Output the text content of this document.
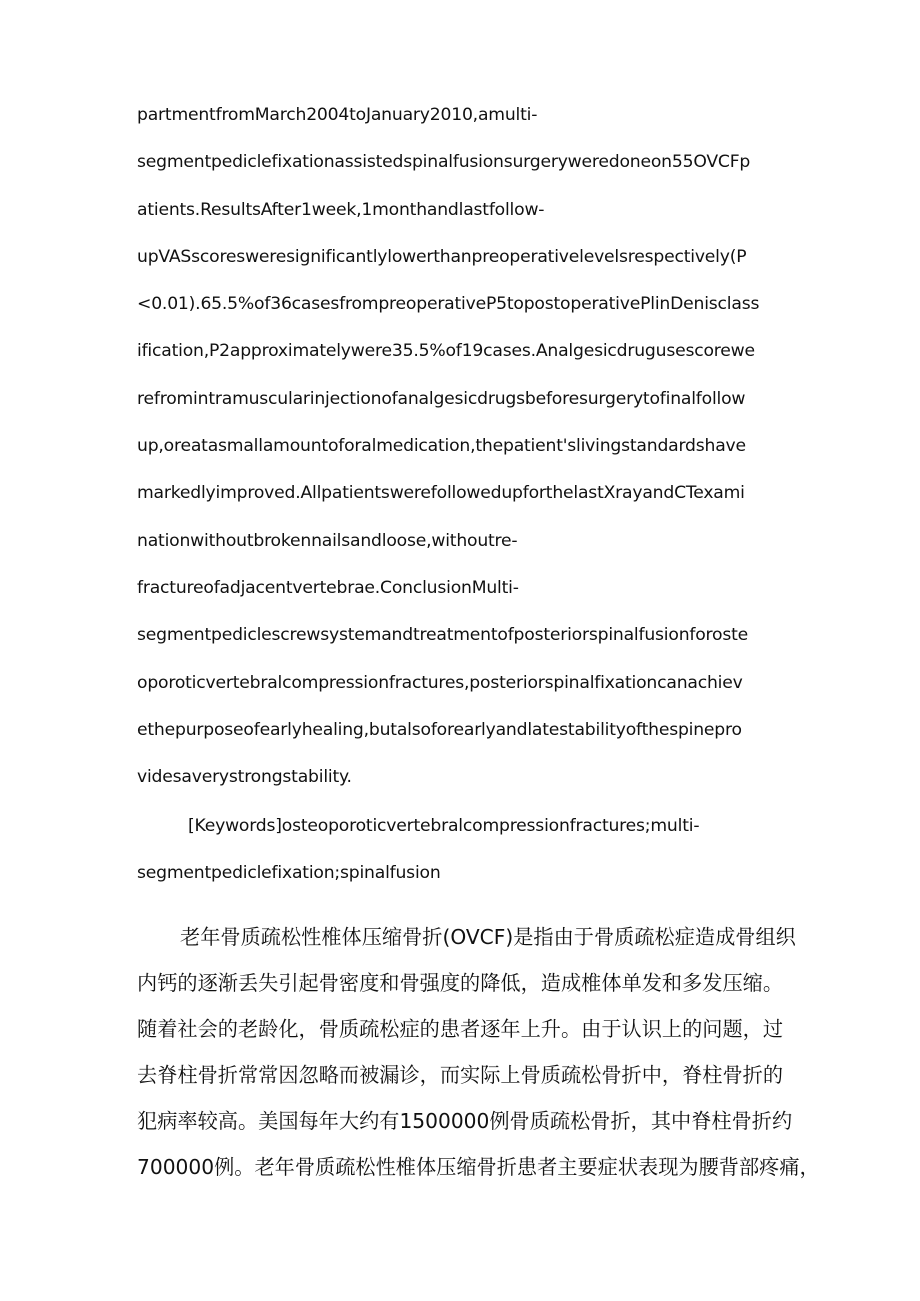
partmentfromMarch2004toJanuary2010,amulti-
segmentpediclefixationassistedspinalfusionsurgeryweredoneon55OVCFp
atients.ResultsAfter1week,1monthandlastfollow-
upVASscoresweresignificantlylowerthanpreoperativelevelsrespectively(P
<0.01).65.5%of36casesfrompreoperativeP5topostoperativePlinDenisclass
ification,P2approximatelywere35.5%of19cases.Analgesicdrugusescorewe
refromintramuscularinjectionofanalgesicdrugsbeforesurgerytofinalfollow
up,oreatasmallamountoforalmedication,thepatient'slivingstandardshave
markedlyimproved.AllpatientswerefollowedupforthelastXrayandCTexami
nationwithoutbrokennailsandloose,withoutre-
fractureofadjacentvertebrae.ConclusionMulti-
segmentpediclescrewsystemandtreatmentofposteriorspinalfusionforoste
oporoticvertebralcompressionfractures,posteriorspinalfixationcanachiev
ethepurposeofearlyhealing,butalsoforearlyandlatestabilityofthespinepro
videsaverystrongstability.
[Keywords]osteoporoticvertebralcompressionfractures;multi-
segmentpediclefixation;spinalfusion
老年骨质疏松性椎体压缩骨折(OVCF)是指由于骨质疏松症造成骨组织
内钙的逐渐丢失引起骨密度和骨强度的降低，造成椎体单发和多发压缩。
随着社会的老龄化，骨质疏松症的患者逐年上升。由于认识上的问题，过
去脊柱骨折常常因忽略而被漏诊，而实际上骨质疏松骨折中，脊柱骨折的
犯病率较高。美国每年大约有1500000例骨质疏松骨折，其中脊柱骨折约
700000例。老年骨质疏松性椎体压缩骨折患者主要症状表现为腰背部疼痛，
